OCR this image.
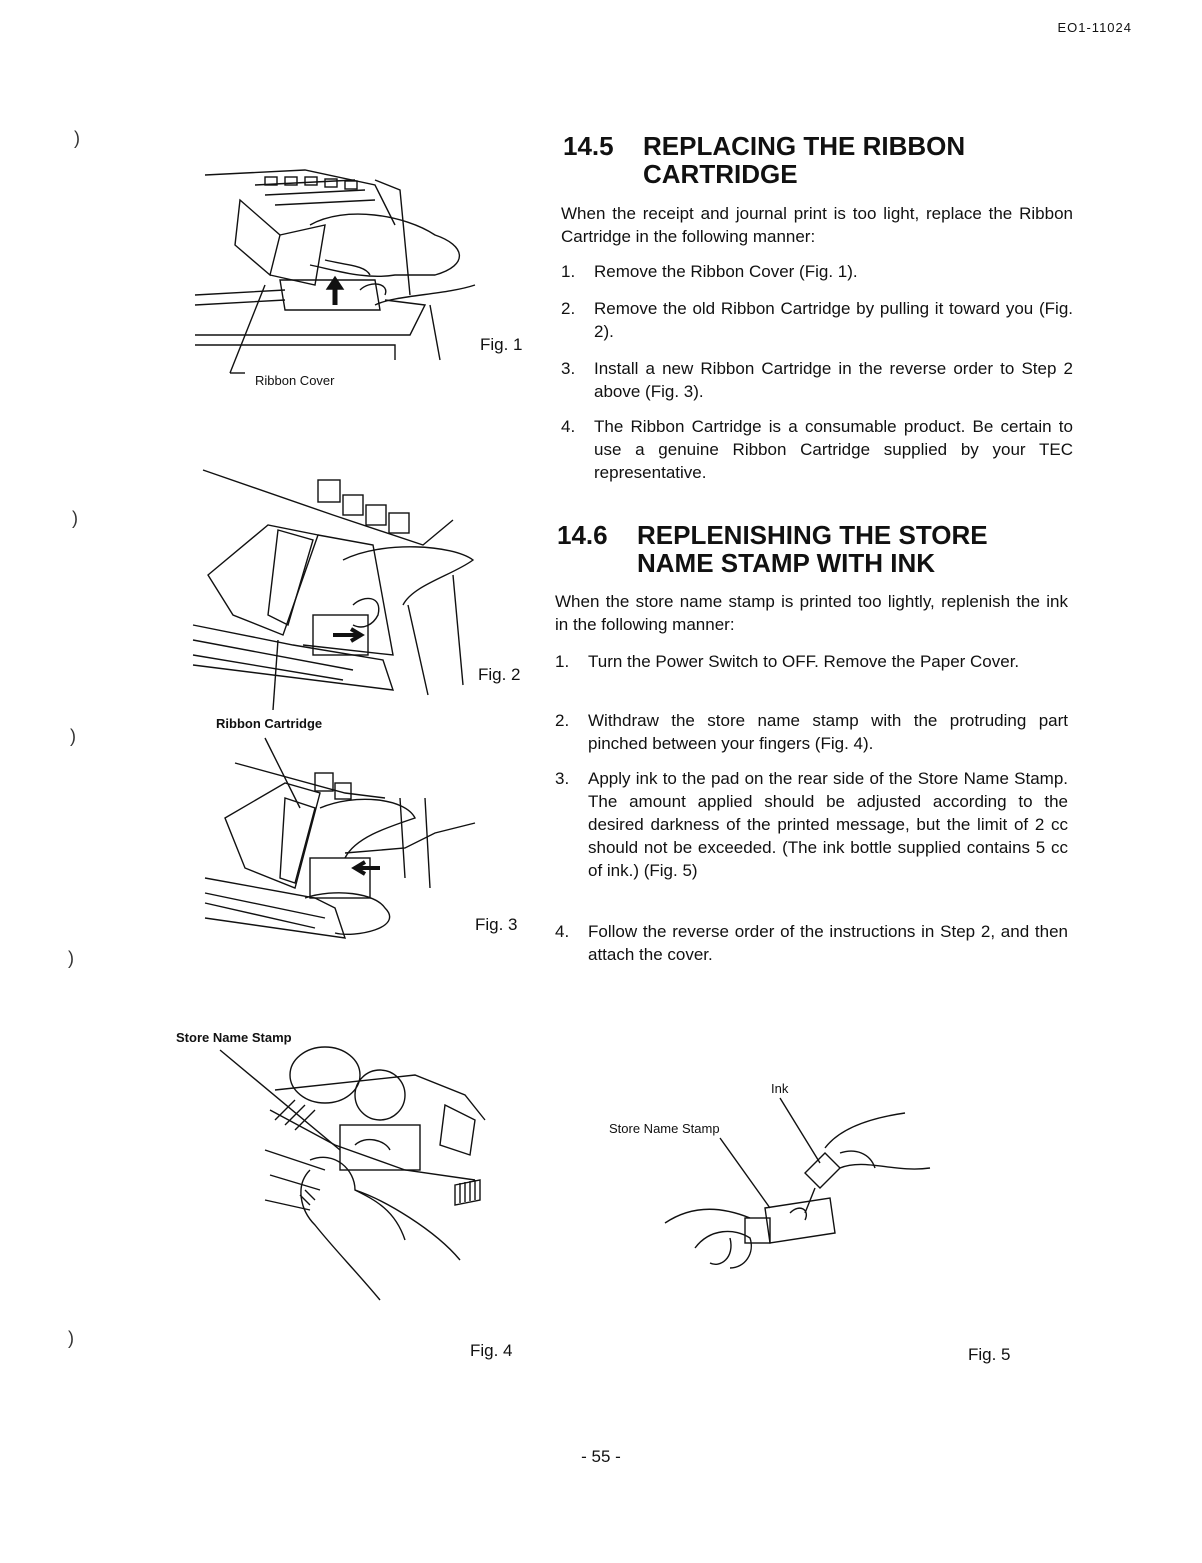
EO1-11024
)
)
)
)
)
14.5 REPLACING THE RIBBON
CARTRIDGE
When the receipt and journal print is too light, replace the Ribbon Cartridge in the following manner:
1. Remove the Ribbon Cover (Fig. 1).
2. Remove the old Ribbon Cartridge by pulling it toward you (Fig. 2).
3. Install a new Ribbon Cartridge in the reverse order to Step 2 above (Fig. 3).
4. The Ribbon Cartridge is a consumable product. Be certain to use a genuine Ribbon Cartridge supplied by your TEC representative.
14.6 REPLENISHING THE STORE
NAME STAMP WITH INK
When the store name stamp is printed too lightly, replenish the ink in the following manner:
1. Turn the Power Switch to OFF. Remove the Paper Cover.
2. Withdraw the store name stamp with the protruding part pinched between your fingers (Fig. 4).
3. Apply ink to the pad on the rear side of the Store Name Stamp. The amount applied should be adjusted according to the desired darkness of the printed message, but the limit of 2 cc should not be exceeded. (The ink bottle supplied contains 5 cc of ink.) (Fig. 5)
4. Follow the reverse order of the instructions in Step 2, and then attach the cover.
Ribbon Cover
Fig. 1
Ribbon Cartridge
Fig. 2
Fig. 3
Store Name Stamp
Fig. 4
Ink
Store Name Stamp
Fig. 5
- 55 -
